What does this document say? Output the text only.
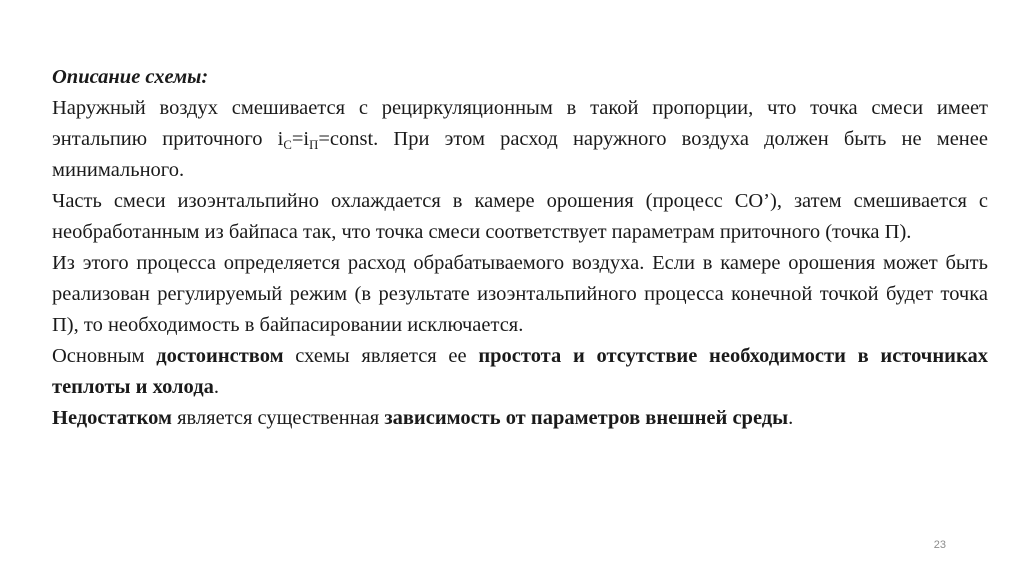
Описание схемы:
Наружный воздух смешивается с рециркуляционным в такой пропорции, что точка смеси имеет энтальпию приточного $i_С=i_П=const$. При этом расход наружного воздуха должен быть не менее минимального.
Часть смеси изоэнтальпийно охлаждается в камере орошения (процесс СО’), затем смешивается с необработанным из байпаса так, что точка смеси соответствует параметрам приточного (точка П).
Из этого процесса определяется расход обрабатываемого воздуха. Если в камере орошения может быть реализован регулируемый режим (в результате изоэнтальпийного процесса конечной точкой будет точка П), то необходимость в байпасировании исключается.
Основным достоинством схемы является ее простота и отсутствие необходимости в источниках теплоты и холода.
Недостатком является существенная зависимость от параметров внешней среды.
23
